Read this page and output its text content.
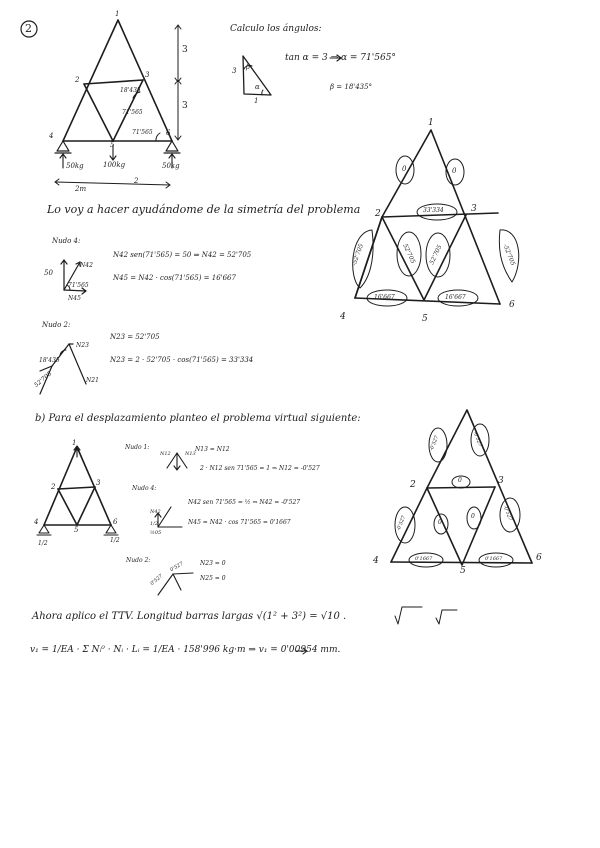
2	Calculo los ángulos:
tan α = 3 ⇒ α = 71'565°
β = 18'435°
3
1
β
α
1
2
3
4
5
6
3
3
18'435
71'565
71'565
50kg	100kg	50kg
2m
2
Lo voy a hacer ayudándome de la simetría del problema
Nudo 4:
50
N42
71'565
N45
N42 sen(71'565) = 50 ⇒ N42 = 52'705
N45 = N42 · cos(71'565) = 16'667
Nudo 2:
N23 = 52'705
N23 = 2 · 52'705 · cos(71'565) = 33'334
18'435
52'705
N23
N21
1
2	3
4	5
6
0	0
33'334
-52'705	52'705 52'705	-52'705
16'667	16'667
b) Para el desplazamiento planteo el problema virtual siguiente:
1
2	3
4
5
6
1/2	1/2
Nudo 1:
N12	N13
N13 = N12
2 · N12 sen 71'565 = 1 ⇒ N12 = -0'527
Nudo 4:
N42
1/2
½05
N42 sen 71'565 = ½ ⇒ N42 = -0'527
N45 = N42 · cos 71'565 = 0'1667
Nudo 2:
0'527
0'527	N23 = 0
N25 = 0
2	3
4
5
6
-0'527	-0'527
0
-0'527	0
0	-0'527
0'1667	0'1667
Ahora aplico el TTV. Longitud barras largas √(1² + 3²) = √10 .
v₁ = 1/EA · Σ Nᵢ⁰ · Nᵢ · Lᵢ = 1/EA · 158'996 kg·m ⇒ v₁ = 0'00954 mm.
